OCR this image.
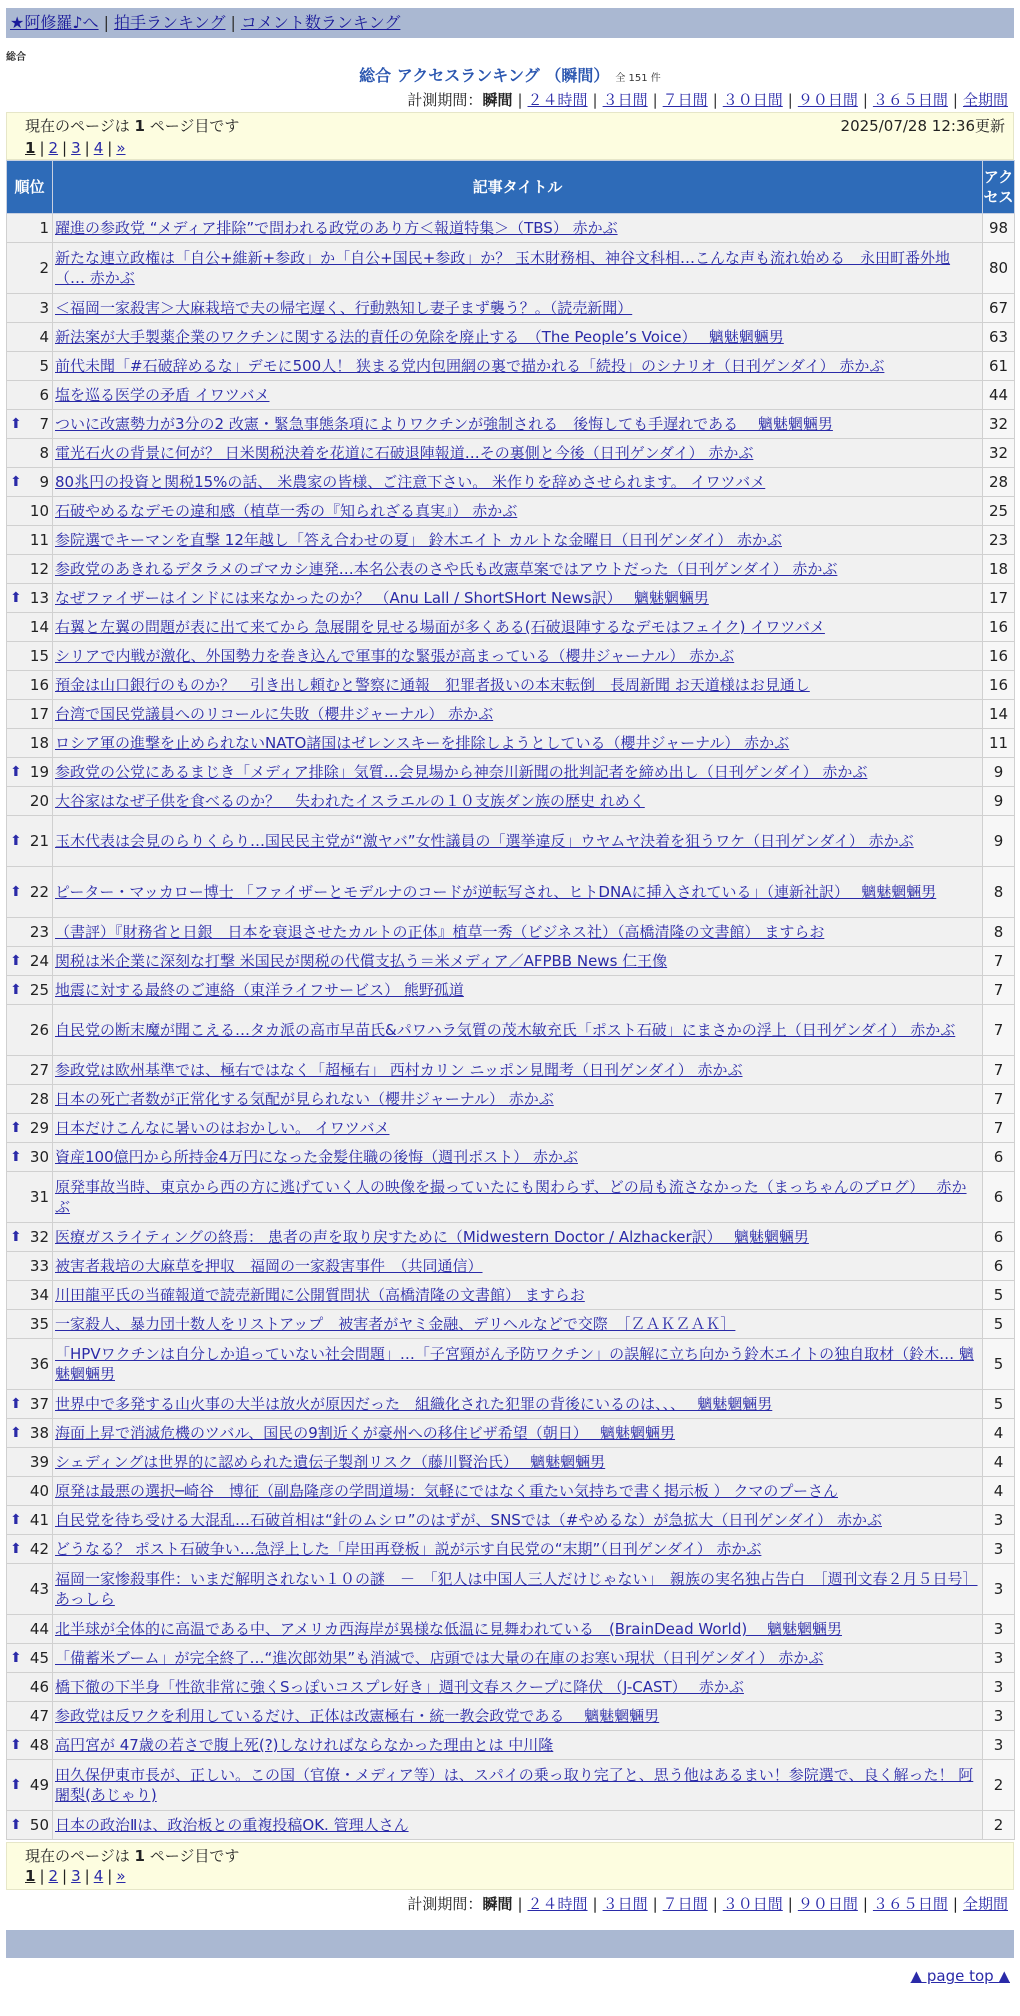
★阿修羅♪へ | 拍手ランキング | コメント数ランキング
総合
総合 アクセスランキング （瞬間） 全 151 件
計測期間：瞬間 | ２４時間 | ３日間 | ７日間 | ３０日間 | ９０日間 | ３６５日間 | 全期間
現在のページは 1 ページ目です	2025/07/28 12:36更新
1 | 2 | 3 | 4 | »
順位	記事タイトル	アクセス
1	躍進の参政党 “メディア排除”で問われる政党のあり方＜報道特集＞（TBS） 赤かぶ	98
2	新たな連立政権は「自公+維新+参政」か「自公+国民+参政」か？ 玉木財務相、神谷文科相…こんな声も流れ始める　永田町番外地（… 赤かぶ	80
3	＜福岡一家殺害＞大麻栽培で夫の帰宅遅く、行動熟知し妻子まず襲う？。（読売新聞）	67
4	新法案が大手製薬企業のワクチンに関する法的責任の免除を廃止する　（The People’s Voice）　 魑魅魍魎男	63
5	前代未聞「#石破辞めるな」デモに500人！ 狭まる党内包囲網の裏で描かれる「続投」のシナリオ（日刊ゲンダイ） 赤かぶ	61
6	塩を巡る医学の矛盾 イワツバメ	44

⬆ 7	ついに改憲勢力が3分の2 改憲・緊急事態条項によりワクチンが強制される　後悔しても手遅れである　 魑魅魍魎男	32
8	電光石火の背景に何が？ 日米関税決着を花道に石破退陣報道…その裏側と今後（日刊ゲンダイ） 赤かぶ	32

⬆ 9	80兆円の投資と関税15%の話、 米農家の皆様、ご注意下さい。 米作りを辞めさせられます。 イワツバメ	28
10	石破やめるなデモの違和感（植草一秀の『知られざる真実』） 赤かぶ	25
11	参院選でキーマンを直撃 12年越し「答え合わせの夏」 鈴木エイト カルトな金曜日（日刊ゲンダイ） 赤かぶ	23
12	参政党のあきれるデタラメのゴマカシ連発…本名公表のさや氏も改憲草案ではアウトだった（日刊ゲンダイ） 赤かぶ	18

⬆ 13	なぜファイザーはインドには来なかったのか？ （Anu Lall / ShortSHort News訳）　 魑魅魍魎男	17
14	右翼と左翼の問題が表に出て来てから 急展開を見せる場面が多くある(石破退陣するなデモはフェイク) イワツバメ	16
15	シリアで内戦が激化、外国勢力を巻き込んで軍事的な緊張が高まっている（櫻井ジャーナル） 赤かぶ	16
16	預金は山口銀行のものか？　引き出し頼むと警察に通報　犯罪者扱いの本末転倒　長周新聞 お天道様はお見通し	16
17	台湾で国民党議員へのリコールに失敗（櫻井ジャーナル） 赤かぶ	14
18	ロシア軍の進撃を止められないNATO諸国はゼレンスキーを排除しようとしている（櫻井ジャーナル） 赤かぶ	11

⬆ 19	参政党の公党にあるまじき「メディア排除」気質…会見場から神奈川新聞の批判記者を締め出し（日刊ゲンダイ） 赤かぶ	9
20	大谷家はなぜ子供を食べるのか？　失われたイスラエルの１０支族ダン族の歴史 れめく	9

⬆ 21	玉木代表は会見のらりくらり…国民民主党が“激ヤバ”女性議員の「選挙違反」ウヤムヤ決着を狙うワケ（日刊ゲンダイ） 赤かぶ	9

⬆ 22	ピーター・マッカロー博士 「ファイザーとモデルナのコードが逆転写され、ヒトDNAに挿入されている」（連新社訳）　 魑魅魍魎男	8
23	（書評）『財務省と日銀　日本を衰退させたカルトの正体』植草一秀（ビジネス社）（高橋清隆の文書館） ますらお	8

⬆ 24	関税は米企業に深刻な打撃 米国民が関税の代償支払う＝米メディア／AFPBB News 仁王像	7

⬆ 25	地震に対する最終のご連絡（東洋ライフサービス） 熊野孤道	7
26	自民党の断末魔が聞こえる…タカ派の高市早苗氏&パワハラ気質の茂木敏充氏「ポスト石破」にまさかの浮上（日刊ゲンダイ） 赤かぶ	7
27	参政党は欧州基準では、極右ではなく「超極右」 西村カリン ニッポン見聞考（日刊ゲンダイ） 赤かぶ	7
28	日本の死亡者数が正常化する気配が見られない（櫻井ジャーナル） 赤かぶ	7

⬆ 29	日本だけこんなに暑いのはおかしい。 イワツバメ	7

⬆ 30	資産100億円から所持金4万円になった金髪住職の後悔（週刊ポスト） 赤かぶ	6
31	原発事故当時、東京から西の方に逃げていく人の映像を撮っていたにも関わらず、どの局も流さなかった（まっちゃんのブログ）　 赤かぶ	6

⬆ 32	医療ガスライティングの終焉： 患者の声を取り戻すために（Midwestern Doctor / Alzhacker訳）　 魑魅魍魎男	6
33	被害者栽培の大麻草を押収　福岡の一家殺害事件　（共同通信）	6
34	川田龍平氏の当確報道で読売新聞に公開質問状（高橋清隆の文書館） ますらお	5
35	一家殺人、暴力団十数人をリストアップ　被害者がヤミ金融、デリヘルなどで交際　［ＺＡＫＺＡＫ］	5
36	「HPVワクチンは自分しか追っていない社会問題」…「子宮頸がん予防ワクチン」の誤解に立ち向かう鈴木エイトの独自取材（鈴木… 魑魅魍魎男	5

⬆ 37	世界中で多発する山火事の大半は放火が原因だった　組織化された犯罪の背後にいるのは、、、　 魑魅魍魎男	5

⬆ 38	海面上昇で消滅危機のツバル、国民の9割近くが豪州への移住ビザ希望（朝日）　 魑魅魍魎男	4
39	シェディングは世界的に認められた遺伝子製剤リスク（藤川賢治氏）　 魑魅魍魎男	4
40	原発は最悪の選択─崎谷　博征（副島隆彦の学問道場：気軽にではなく重たい気持ちで書く掲示板 ） クマのプーさん	4

⬆ 41	自民党を待ち受ける大混乱…石破首相は“針のムシロ”のはずが、SNSでは（#やめるな）が急拡大（日刊ゲンダイ） 赤かぶ	3

⬆ 42	どうなる？ ポスト石破争い…急浮上した「岸田再登板」説が示す自民党の“末期”（日刊ゲンダイ） 赤かぶ	3
43	福岡一家惨殺事件：いまだ解明されない１０の謎　－　「犯人は中国人三人だけじゃない」　親族の実名独占告白　［週刊文春２月５日号］ あっしら	3
44	北半球が全体的に高温である中、アメリカ西海岸が異様な低温に見舞われている　(BrainDead World)　 魑魅魍魎男	3

⬆ 45	「備蓄米ブーム」が完全終了…“進次郎効果”も消滅で、店頭では大量の在庫のお寒い現状（日刊ゲンダイ） 赤かぶ	3
46	橋下徹の下半身「性欲非常に強くSっぽいコスプレ好き」週刊文春スクープに降伏 （J-CAST）　 赤かぶ	3
47	参政党は反ワクを利用しているだけ、正体は改憲極右・統一教会政党である　 魑魅魍魎男	3

⬆ 48	高円宮が 47歳の若さで腹上死(?)しなければならなかった理由とは 中川隆	3

⬆ 49	田久保伊東市長が、正しい。この国（官僚・メディア等）は、スパイの乗っ取り完了と、思う他はあるまい！参院選で、良く解った！ 阿闍梨(あじゃり)	2

⬆ 50	日本の政治Ⅱは、政治板との重複投稿OK. 管理人さん	2
現在のページは 1 ページ目です
1 | 2 | 3 | 4 | »
計測期間：瞬間 | ２４時間 | ３日間 | ７日間 | ３０日間 | ９０日間 | ３６５日間 | 全期間
▲ page top ▲
